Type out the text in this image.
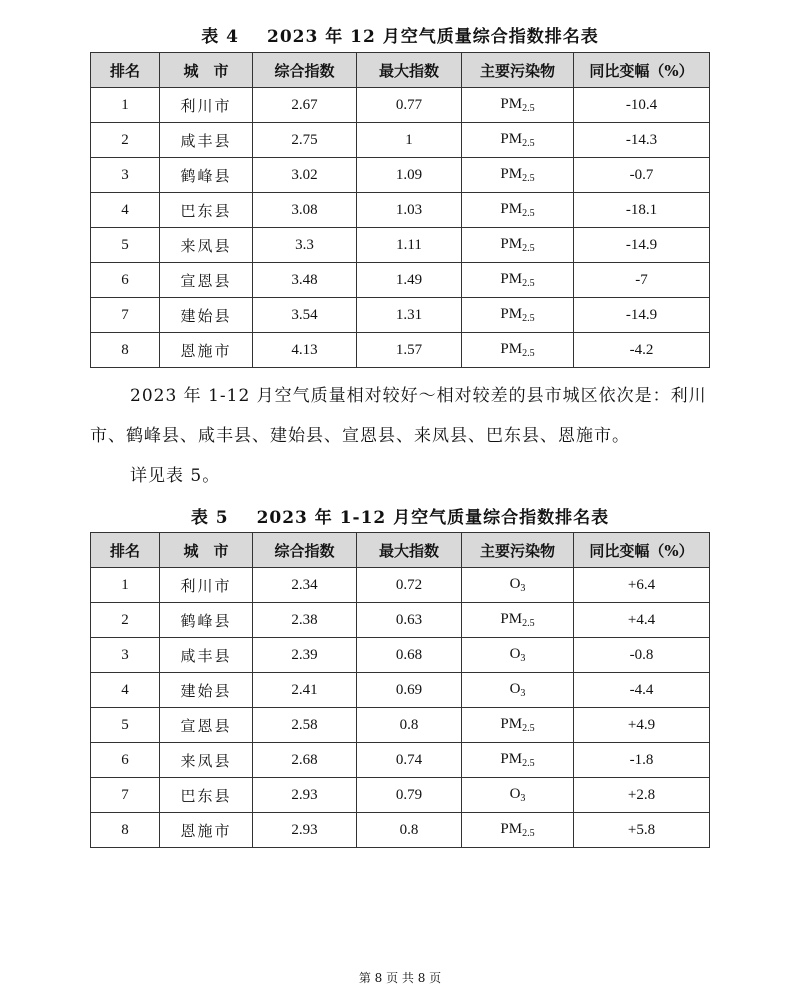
表 4 2023 年 12 月空气质量综合指数排名表
排名	城　市	综合指数	最大指数	主要污染物	同比变幅（%）
1	利川市	2.67	0.77	$PM_{2.5}$	-10.4
2	咸丰县	2.75	1	$PM_{2.5}$	-14.3
3	鹤峰县	3.02	1.09	$PM_{2.5}$	-0.7
4	巴东县	3.08	1.03	$PM_{2.5}$	-18.1
5	来凤县	3.3	1.11	$PM_{2.5}$	-14.9
6	宣恩县	3.48	1.49	$PM_{2.5}$	-7
7	建始县	3.54	1.31	$PM_{2.5}$	-14.9
8	恩施市	4.13	1.57	$PM_{2.5}$	-4.2
2023 年 1-12 月空气质量相对较好～相对较差的县市城区依次是：利川市、鹤峰县、咸丰县、建始县、宣恩县、来凤县、巴东县、恩施市。
详见表 5。
表 5 2023 年 1-12 月空气质量综合指数排名表
排名	城　市	综合指数	最大指数	主要污染物	同比变幅（%）
1	利川市	2.34	0.72	$O_3$	+6.4
2	鹤峰县	2.38	0.63	$PM_{2.5}$	+4.4
3	咸丰县	2.39	0.68	$O_3$	-0.8
4	建始县	2.41	0.69	$O_3$	-4.4
5	宣恩县	2.58	0.8	$PM_{2.5}$	+4.9
6	来凤县	2.68	0.74	$PM_{2.5}$	-1.8
7	巴东县	2.93	0.79	$O_3$	+2.8
8	恩施市	2.93	0.8	$PM_{2.5}$	+5.8
第 8 页 共 8 页
